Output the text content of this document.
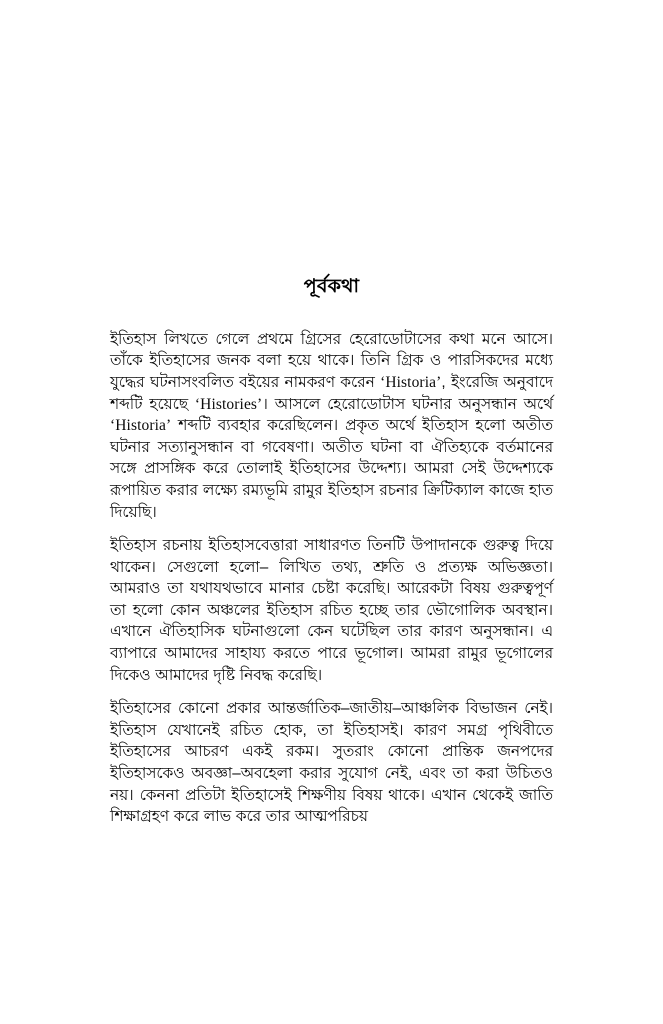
পূর্বকথা

ইতিহাস লিখতে গেলে প্রথমে গ্রিসের হেরোডোটাসের কথা মনে আসে। তাঁকে ইতিহাসের জনক বলা হয়ে থাকে। তিনি গ্রিক ও পারসিকদের মধ্যে যুদ্ধের ঘটনাসংবলিত বইয়ের নামকরণ করেন ‘Historia’, ইংরেজি অনুবাদে শব্দটি হয়েছে ‘Histories’। আসলে হেরোডোটাস ঘটনার অনুসন্ধান অর্থে ‘Historia’ শব্দটি ব্যবহার করেছিলেন। প্রকৃত অর্থে ইতিহাস হলো অতীত ঘটনার সত্যানুসন্ধান বা গবেষণা। অতীত ঘটনা বা ঐতিহ্যকে বর্তমানের সঙ্গে প্রাসঙ্গিক করে তোলাই ইতিহাসের উদ্দেশ্য। আমরা সেই উদ্দেশ্যকে রূপায়িত করার লক্ষ্যে রম্যভূমি রামুর ইতিহাস রচনার ক্রিটিক্যাল কাজে হাত দিয়েছি।

ইতিহাস রচনায় ইতিহাসবেত্তারা সাধারণত তিনটি উপাদানকে গুরুত্ব দিয়ে থাকেন। সেগুলো হলো– লিখিত তথ্য, শ্রুতি ও প্রত্যক্ষ অভিজ্ঞতা। আমরাও তা যথাযথভাবে মানার চেষ্টা করেছি। আরেকটা বিষয় গুরুত্বপূর্ণ তা হলো কোন অঞ্চলের ইতিহাস রচিত হচ্ছে তার ভৌগোলিক অবস্থান। এখানে ঐতিহাসিক ঘটনাগুলো কেন ঘটেছিল তার কারণ অনুসন্ধান। এ ব্যাপারে আমাদের সাহায্য করতে পারে ভূগোল। আমরা রামুর ভূগোলের দিকেও আমাদের দৃষ্টি নিবদ্ধ করেছি।

ইতিহাসের কোনো প্রকার আন্তর্জাতিক–জাতীয়–আঞ্চলিক বিভাজন নেই। ইতিহাস যেখানেই রচিত হোক, তা ইতিহাসই। কারণ সমগ্র পৃথিবীতে ইতিহাসের আচরণ একই রকম। সুতরাং কোনো প্রান্তিক জনপদের ইতিহাসকেও অবজ্ঞা–অবহেলা করার সুযোগ নেই, এবং তা করা উচিতও নয়। কেননা প্রতিটা ইতিহাসেই শিক্ষণীয় বিষয় থাকে। এখান থেকেই জাতি শিক্ষাগ্রহণ করে লাভ করে তার আত্মপরিচয়
